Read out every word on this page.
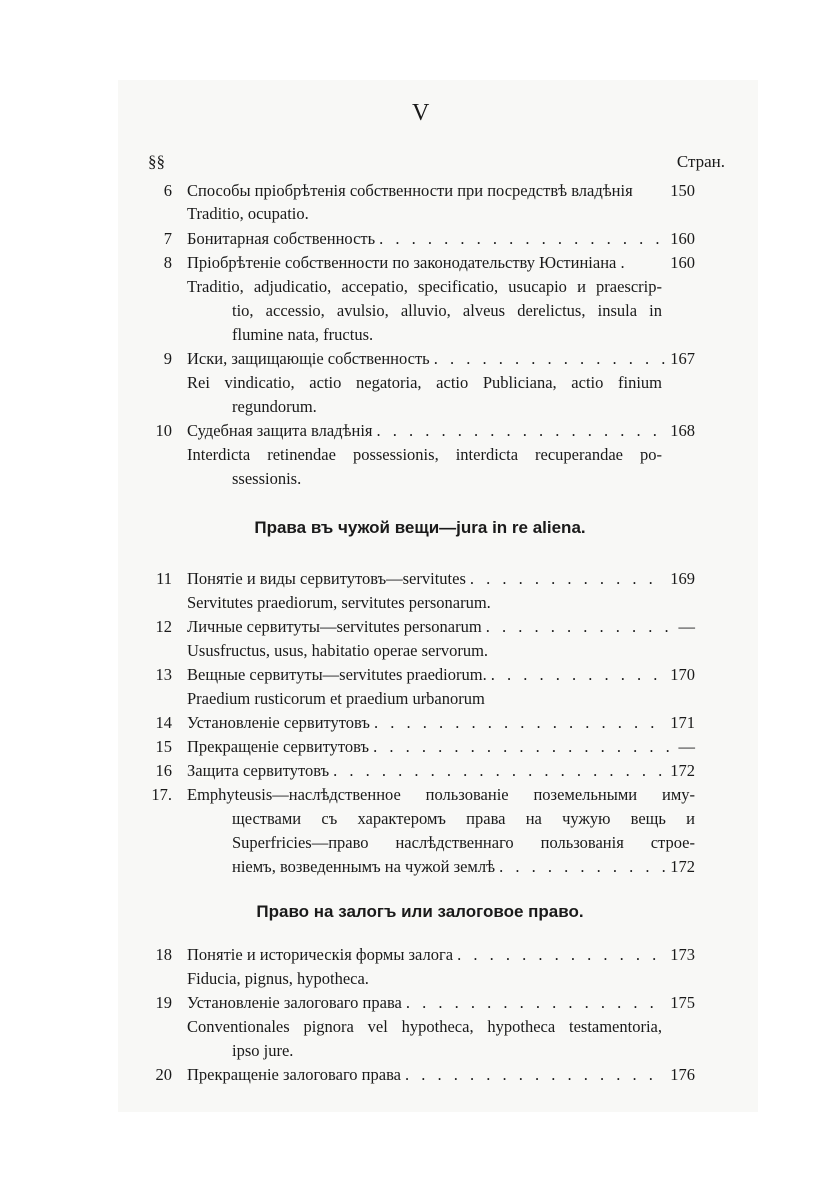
V
§§	Стран.
6 Способы пріобрѣтенія собственности при посредствѣ владѣнія 150
Traditio, ocupatio.
7 Бонитарная собственность . . .	160
8 Пріобрѣтеніе собственности по законодательству Юстиніана .	160
Traditio, adjudicatio, accepatio, specificatio, usucapio и praescrip-
tio, accessio, avulsio, alluvio, alveus derelictus, insula in
flumine nata, fructus.
9 Иски, защищающіе собственность . . .	167
Rei vindicatio, actio negatoria, actio Publiciana, actio finium
regundorum.
10 Судебная защита владѣнія . . .	168
Interdicta retinendae possessionis, interdicta recuperandae po-
ssessionis.
Права въ чужой вещи—jura in re aliena.
11 Понятіе и виды сервитутовъ—servitutes . . .	169
Servitutes praediorum, servitutes personarum.
12 Личные сервитуты—servitutes personarum . . .	—
Ususfructus, usus, habitatio operae servorum.
13 Вещные сервитуты—servitutes praediorum. . . .	170
Praedium rusticorum et praedium urbanorum
14 Установленіе сервитутовъ . . .	171
15 Прекращеніе сервитутовъ . . .	—
16 Защита сервитутовъ . . .	172
17. Emphyteusis—наслѣдственное пользованіе поземельными иму-
ществами съ характеромъ права на чужую вещь и
Superfricies—право наслѣдственнаго пользованія строе-
ніемъ, возведеннымъ на чужой землѣ . . .	172
Право на залогъ или залоговое право.
18 Понятіе и историческія формы залога . . .	173
Fiducia, pignus, hypotheca.
19 Установленіе залоговаго права . . .	175
Conventionales pignora vel hypotheca, hypotheca testamentoria,
ipso jure.
20 Прекращеніе залоговаго права . . .	176
